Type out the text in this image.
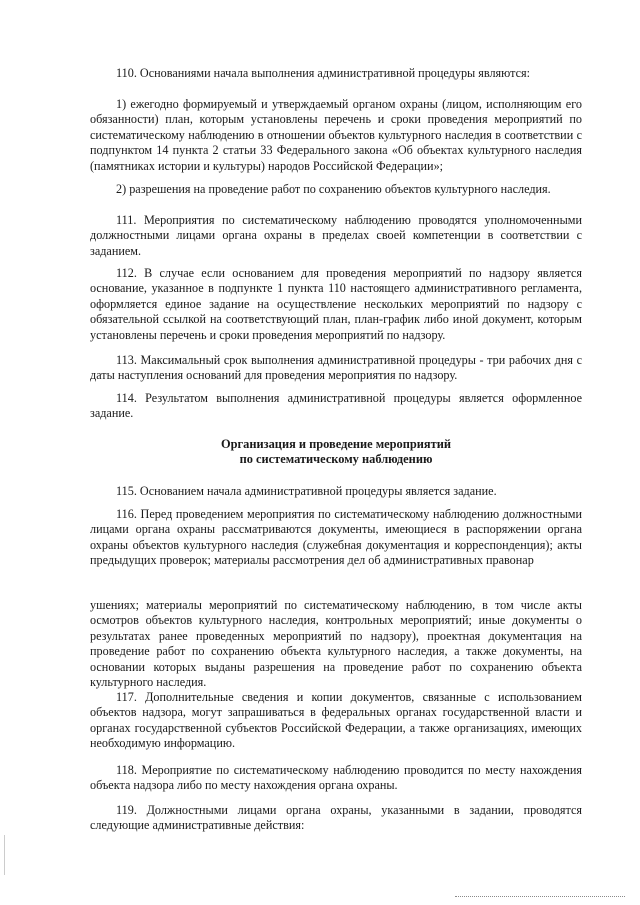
110. Основаниями начала выполнения административной процедуры являются:

1) ежегодно формируемый и утверждаемый органом охраны (лицом, исполняющим его обязанности) план, которым установлены перечень и сроки проведения мероприятий по систематическому наблюдению в отношении объектов культурного наследия в соответствии с подпунктом 14 пункта 2 статьи 33 Федерального закона «Об объектах культурного наследия (памятниках истории и культуры) народов Российской Федерации»;

2) разрешения на проведение работ по сохранению объектов культурного наследия.

111. Мероприятия по систематическому наблюдению проводятся уполномоченными должностными лицами органа охраны в пределах своей компетенции в соответствии с заданием.

112. В случае если основанием для проведения мероприятий по надзору является основание, указанное в подпункте 1 пункта 110 настоящего административного регламента, оформляется единое задание на осуществление нескольких мероприятий по надзору с обязательной ссылкой на соответствующий план, план-график либо иной документ, которым установлены перечень и сроки проведения мероприятий по надзору.

113. Максимальный срок выполнения административной процедуры - три рабочих дня с даты наступления оснований для проведения мероприятия по надзору.

114. Результатом выполнения административной процедуры является оформленное задание.

Организация и проведение мероприятий
по систематическому наблюдению

115. Основанием начала административной процедуры является задание.

116. Перед проведением мероприятия по систематическому наблюдению должностными лицами органа охраны рассматриваются документы, имеющиеся в распоряжении органа охраны объектов культурного наследия (служебная документация и корреспонденция); акты предыдущих проверок; материалы рассмотрения дел об административных правонар

ушениях; материалы мероприятий по систематическому наблюдению, в том числе акты осмотров объектов культурного наследия, контрольных мероприятий; иные документы о результатах ранее проведенных мероприятий по надзору), проектная документация на проведение работ по сохранению объекта культурного наследия, а также документы, на основании которых выданы разрешения на проведение работ по сохранению объекта культурного наследия.

117. Дополнительные сведения и копии документов, связанные с использованием объектов надзора, могут запрашиваться в федеральных органах государственной власти и органах государственной субъектов Российской Федерации, а также организациях, имеющих необходимую информацию.

118. Мероприятие по систематическому наблюдению проводится по месту нахождения объекта надзора либо по месту нахождения органа охраны.

119. Должностными лицами органа охраны, указанными в задании, проводятся следующие административные действия:
